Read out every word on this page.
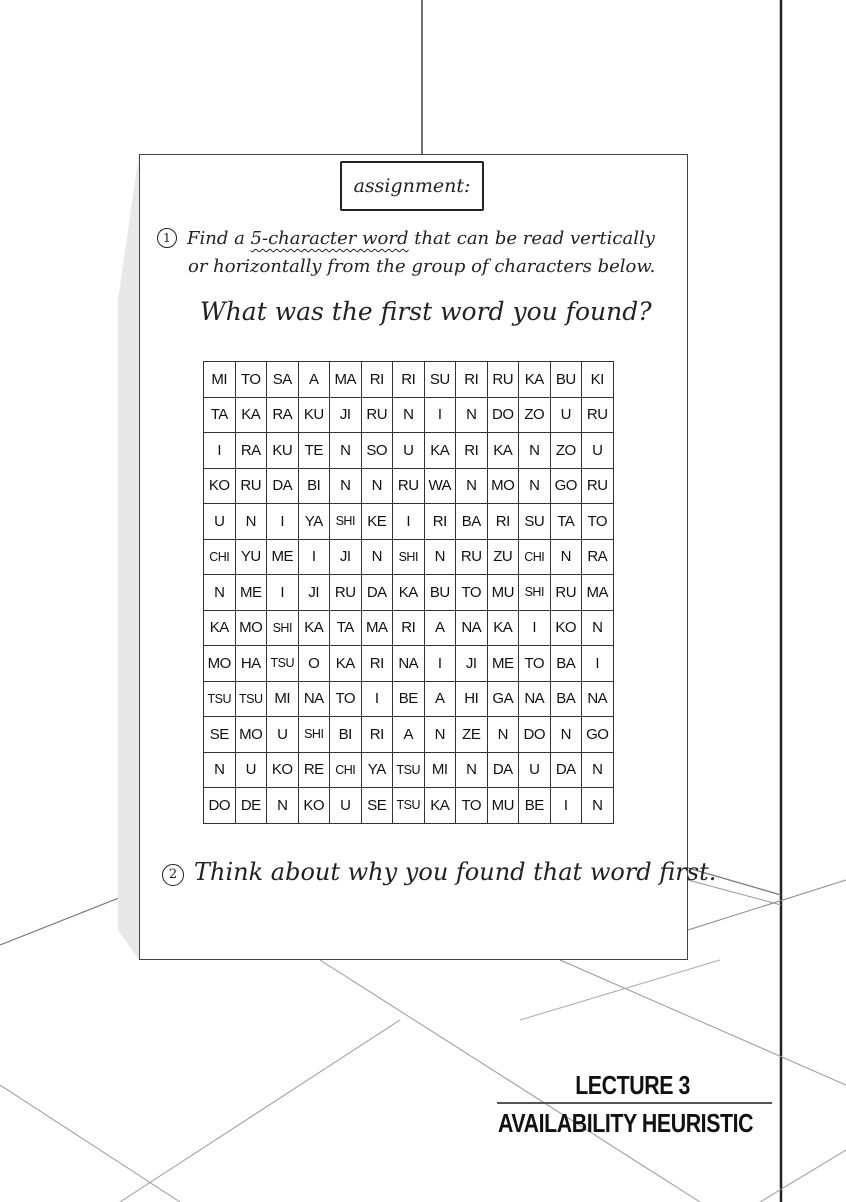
assignment:
1 Find a 5-character word that can be read vertically
or horizontally from the group of characters below.
What was the first word you found?
MI	TO	SA	A	MA	RI	RI	SU	RI	RU	KA	BU	KI
TA	KA	RA	KU	JI	RU	N	I	N	DO	ZO	U	RU
I	RA	KU	TE	N	SO	U	KA	RI	KA	N	ZO	U
KO	RU	DA	BI	N	N	RU	WA	N	MO	N	GO	RU
U	N	I	YA	SHI	KE	I	RI	BA	RI	SU	TA	TO
CHI	YU	ME	I	JI	N	SHI	N	RU	ZU	CHI	N	RA
N	ME	I	JI	RU	DA	KA	BU	TO	MU	SHI	RU	MA
KA	MO	SHI	KA	TA	MA	RI	A	NA	KA	I	KO	N
MO	HA	TSU	O	KA	RI	NA	I	JI	ME	TO	BA	I
TSU	TSU	MI	NA	TO	I	BE	A	HI	GA	NA	BA	NA
SE	MO	U	SHI	BI	RI	A	N	ZE	N	DO	N	GO
N	U	KO	RE	CHI	YA	TSU	MI	N	DA	U	DA	N
DO	DE	N	KO	U	SE	TSU	KA	TO	MU	BE	I	N
2 Think about why you found that word first.
LECTURE 3
AVAILABILITY HEURISTIC
